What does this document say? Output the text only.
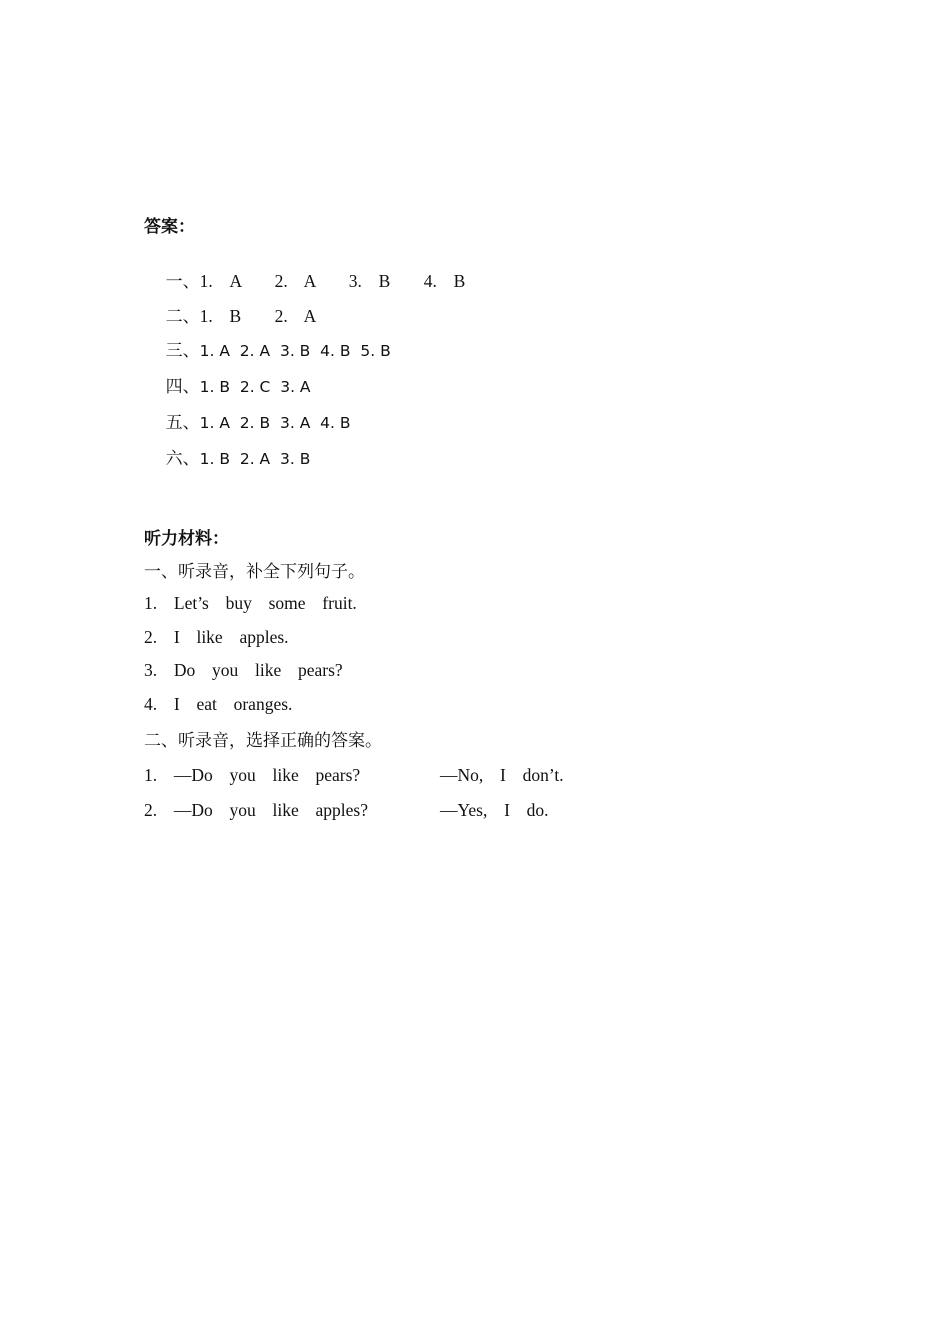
答案：

一、1.  A    2.  A    3.  B    4.  B

二、1.  B    2.  A

三、1. A  2. A  3. B  4. B  5. B

四、1. B  2. C  3. A

五、1. A  2. B  3. A  4. B

六、1. B  2. A  3. B

听力材料：
一、听录音，补全下列句子。
1.  Let’s  buy  some  fruit.
2.  I  like  apples.
3.  Do  you  like  pears?
4.  I  eat  oranges.
二、听录音，选择正确的答案。
1.  —Do  you  like  pears?	—No,  I  don’t.
2.  —Do  you  like  apples?	—Yes,  I  do.
